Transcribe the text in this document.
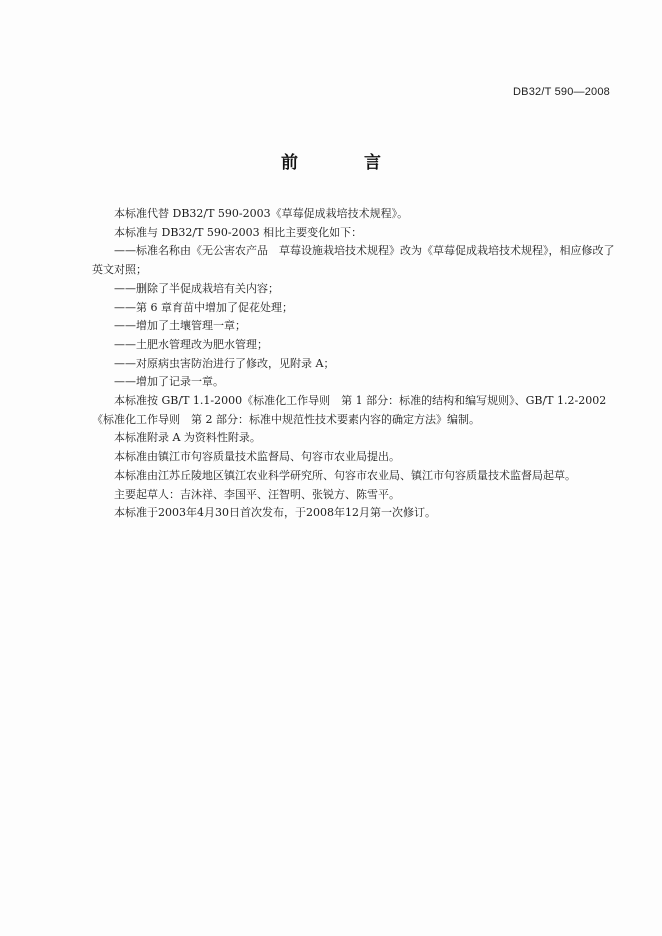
DB32/T 590—2008
前 言

本标准代替 DB32/T 590-2003《草莓促成栽培技术规程》。

本标准与 DB32/T 590-2003 相比主要变化如下：

——标准名称由《无公害农产品　草莓设施栽培技术规程》改为《草莓促成栽培技术规程》，相应修改了英文对照；

——删除了半促成栽培有关内容；

——第 6 章育苗中增加了促花处理；

——增加了土壤管理一章；

——土肥水管理改为肥水管理；

——对原病虫害防治进行了修改，见附录 A；

——增加了记录一章。

本标准按 GB/T 1.1-2000《标准化工作导则　第 1 部分：标准的结构和编写规则》、GB/T 1.2-2002《标准化工作导则　第 2 部分：标准中规范性技术要素内容的确定方法》编制。

本标准附录 A 为资料性附录。

本标准由镇江市句容质量技术监督局、句容市农业局提出。

本标准由江苏丘陵地区镇江农业科学研究所、句容市农业局、镇江市句容质量技术监督局起草。

主要起草人：吉沐祥、李国平、汪智明、张锐方、陈雪平。

本标准于2003年4月30日首次发布，于2008年12月第一次修订。
